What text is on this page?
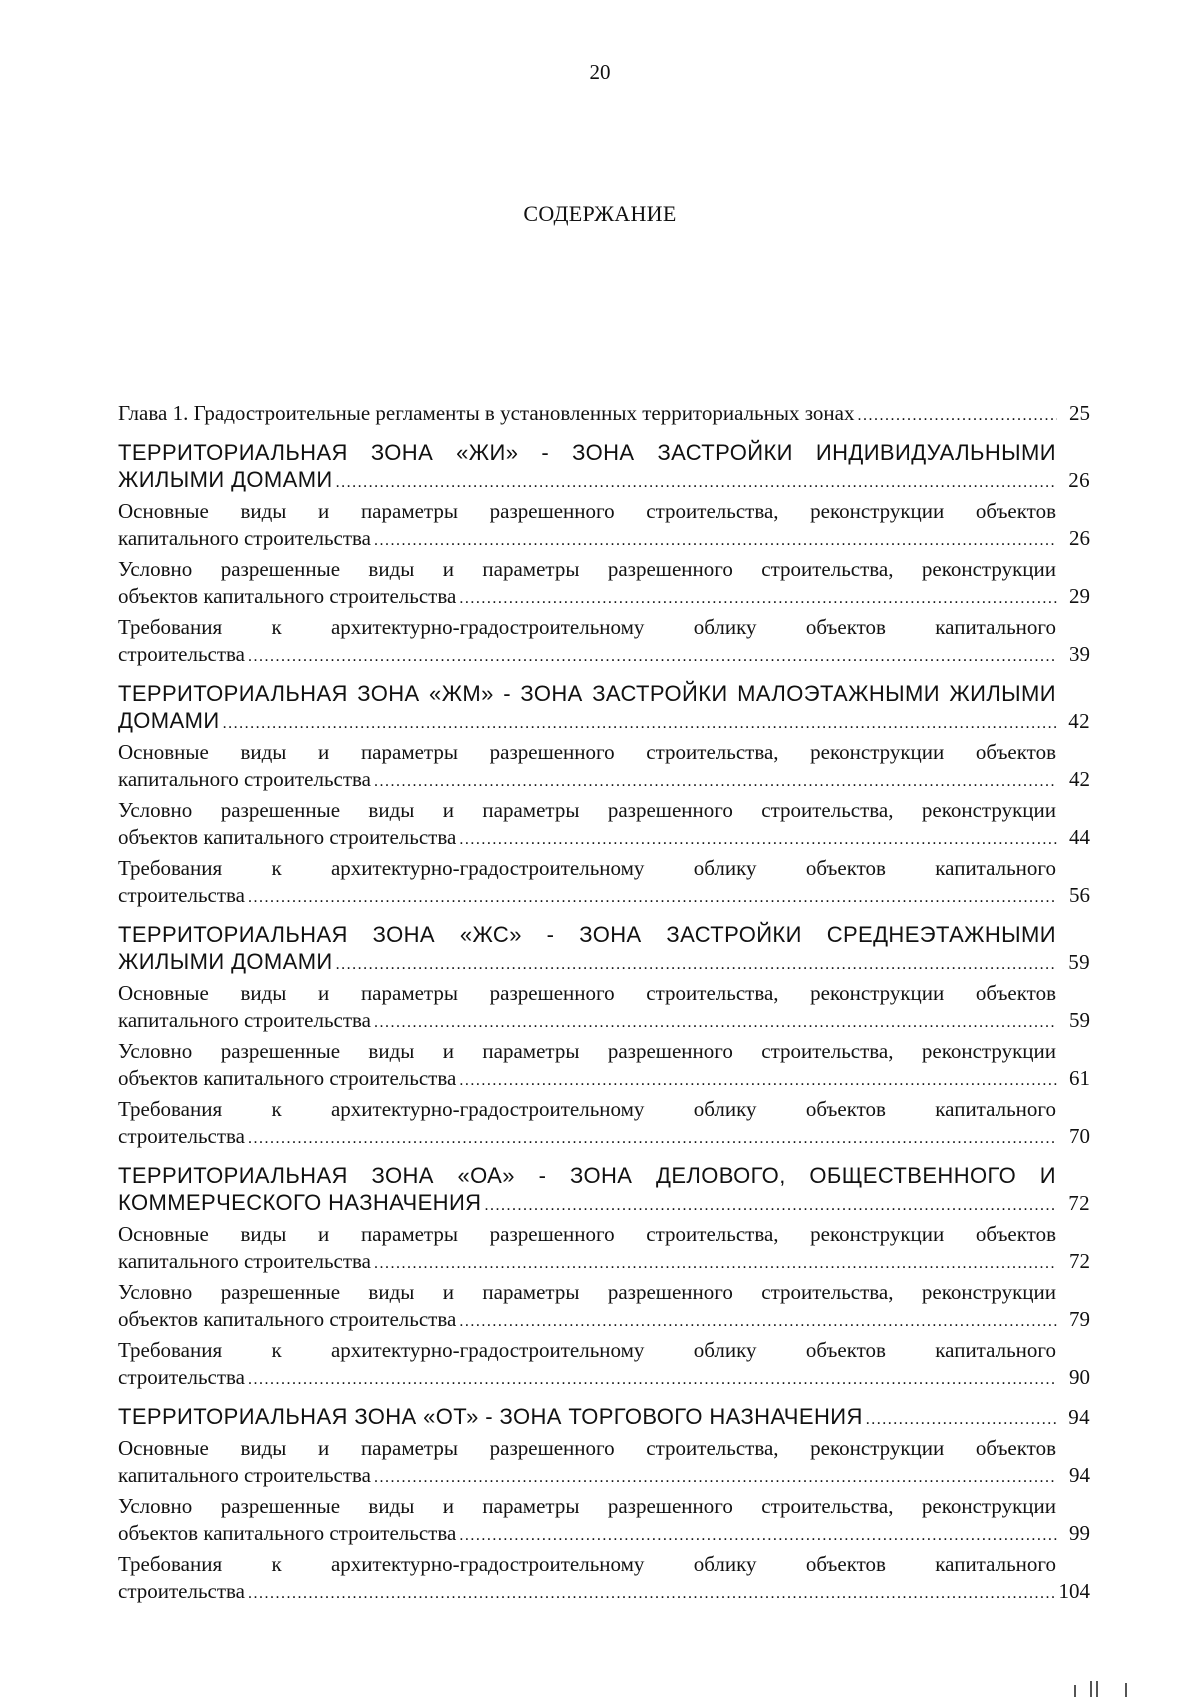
20
СОДЕРЖАНИЕ
Глава 1. Градостроительные регламенты в установленных территориальных зонах .....	25
ТЕРРИТОРИАЛЬНАЯ ЗОНА «ЖИ» - ЗОНА ЗАСТРОЙКИ ИНДИВИДУАЛЬНЫМИ
ЖИЛЫМИ ДОМАМИ .....	26
Основные виды и параметры разрешенного строительства, реконструкции объектов
капитального строительства .....	26
Условно разрешенные виды и параметры разрешенного строительства, реконструкции
объектов капитального строительства .....	29
Требования к архитектурно-градостроительному облику объектов капитального
строительства .....	39
ТЕРРИТОРИАЛЬНАЯ ЗОНА «ЖМ» - ЗОНА ЗАСТРОЙКИ МАЛОЭТАЖНЫМИ ЖИЛЫМИ
ДОМАМИ .....	42
Основные виды и параметры разрешенного строительства, реконструкции объектов
капитального строительства .....	42
Условно разрешенные виды и параметры разрешенного строительства, реконструкции
объектов капитального строительства .....	44
Требования к архитектурно-градостроительному облику объектов капитального
строительства .....	56
ТЕРРИТОРИАЛЬНАЯ ЗОНА «ЖС» - ЗОНА ЗАСТРОЙКИ СРЕДНЕЭТАЖНЫМИ
ЖИЛЫМИ ДОМАМИ .....	59
Основные виды и параметры разрешенного строительства, реконструкции объектов
капитального строительства .....	59
Условно разрешенные виды и параметры разрешенного строительства, реконструкции
объектов капитального строительства .....	61
Требования к архитектурно-градостроительному облику объектов капитального
строительства .....	70
ТЕРРИТОРИАЛЬНАЯ ЗОНА «ОА» - ЗОНА ДЕЛОВОГО, ОБЩЕСТВЕННОГО И
КОММЕРЧЕСКОГО НАЗНАЧЕНИЯ .....	72
Основные виды и параметры разрешенного строительства, реконструкции объектов
капитального строительства .....	72
Условно разрешенные виды и параметры разрешенного строительства, реконструкции
объектов капитального строительства .....	79
Требования к архитектурно-градостроительному облику объектов капитального
строительства .....	90
ТЕРРИТОРИАЛЬНАЯ ЗОНА «ОТ» - ЗОНА ТОРГОВОГО НАЗНАЧЕНИЯ .....	94
Основные виды и параметры разрешенного строительства, реконструкции объектов
капитального строительства .....	94
Условно разрешенные виды и параметры разрешенного строительства, реконструкции
объектов капитального строительства .....	99
Требования к архитектурно-градостроительному облику объектов капитального
строительства .....	104
